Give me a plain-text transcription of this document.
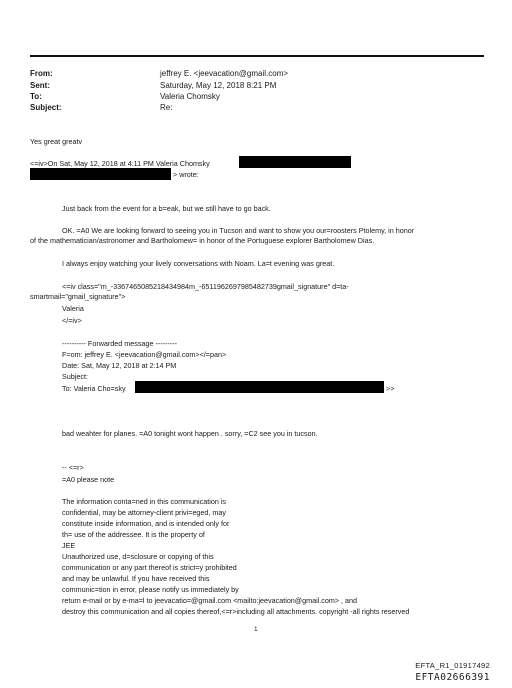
From:	jeffrey E. <jeevacation@gmail.com>
Sent:	Saturday, May 12, 2018 8:21 PM
To:	Valeria Chomsky
Subject:	Re:
Yes great greatv
<=iv>On Sat, May 12, 2018 at 4:11 PM Valeria Chomsky
> wrote:
Just back from the event for a b=eak, but we still have to go back.
OK. =A0 We are looking forward to seeing you in Tucson and want to show you our=roosters Ptolemy, in honor
of the mathematician/astronomer and Bartholomew= in honor of the Portuguese explorer Bartholomew Dias.
I always enjoy watching your lively conversations with Noam. La=t evening was great.
<=iv class="m_-3367465085218434984m_-6511962697985482739gmail_signature" d=ta-
smartmail="gmail_signature">
Valeria
</=iv>
---------- Forwarded message ---------
F=om: jeffrey E. <jeevacation@gmail.com></=pan>
Date: Sat, May 12, 2018 at 2:14 PM
Subject:
To: Valeria Cho=sky	>>
bad weahter for planes. =A0 tonight wont happen . sorry, =C2 see you in tucson.
-- <=r>
=A0 please note
The information conta=ned in this communication is
confidential, may be attorney-client privi=eged, may
constitute inside information, and is intended only for
th= use of the addressee. It is the property of
JEE
Unauthorized use, d=sclosure or copying of this
communication or any part thereof is strict=y prohibited
and may be unlawful. If you have received this
communic=tion in error, please notify us immediately by
return e-mail or by e-ma=l to jeevacatio=@gmail.com <mailto:jeevacation@gmail.com> , and
destroy this communication and all copies thereof,<=r>including all attachments. copyright -all rights reserved
1
EFTA_R1_01917492
EFTA02666391
